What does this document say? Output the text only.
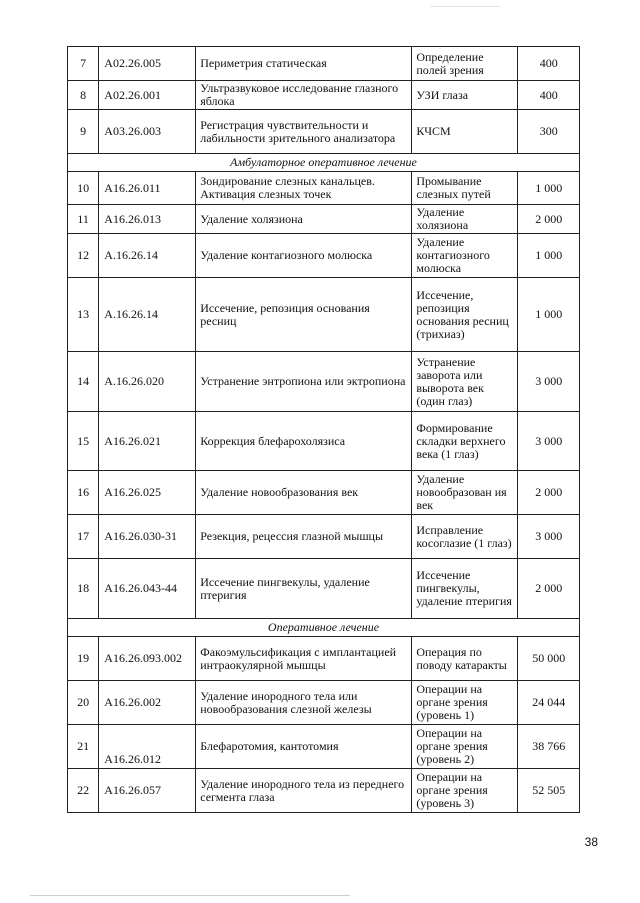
7	A02.26.005	Периметрия статическая	Определение полей зрения	400
8	A02.26.001	Ультразвуковое исследование глазного яблока	УЗИ глаза	400
9	A03.26.003	Регистрация чувствительности и лабильности зрительного анализатора	КЧСМ	300
Амбулаторное оперативное лечение				
10	A16.26.011	Зондирование слезных канальцев. Активация слезных точек	Промывание слезных путей	1 000
11	A16.26.013	Удаление холязиона	Удаление холязиона	2 000
12	A.16.26.14	Удаление контагиозного молюска	Удаление контагиозного молюска	1 000
13	A.16.26.14	Иссечение, репозиция основания ресниц	Иссечение, репозиция основания ресниц (трихиаз)	1 000
14	A.16.26.020	Устранение энтропиона или эктропиона	Устранение заворота или выворота век (один глаз)	3 000
15	A16.26.021	Коррекция блефарохолязиса	Формирование складки верхнего века (1 глаз)	3 000
16	A16.26.025	Удаление новообразования век	Удаление новообразован ия век	2 000
17	A16.26.030-31	Резекция, рецессия глазной мышцы	Исправление косоглазие (1 глаз)	3 000
18	A16.26.043-44	Иссечение пингвекулы, удаление птеригия	Иссечение пингвекулы, удаление птеригия	2 000
Оперативное лечение				
19	A16.26.093.002	Факоэмульсификация с имплантацией интраокулярной мышцы	Операция по поводу катаракты	50 000
20	A16.26.002	Удаление инородного тела или новообразования слезной железы	Операции на органе зрения (уровень 1)	24 044
21	A16.26.012	Блефаротомия, кантотомия	Операции на органе зрения (уровень 2)	38 766
22	A16.26.057	Удаление инородного тела из переднего сегмента глаза	Операции на органе зрения (уровень 3)	52 505
38
